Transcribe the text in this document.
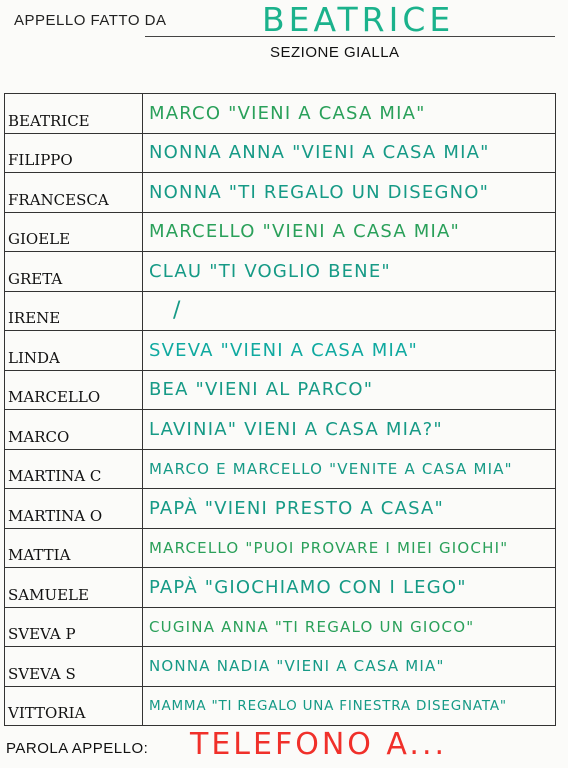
APPELLO FATTO DA	BEATRICE
SEZIONE GIALLA
BEATRICE	MARCO "VIENI A CASA MIA"

FILIPPO	NONNA ANNA "VIENI A CASA MIA"

FRANCESCA	NONNA "TI REGALO UN DISEGNO"

GIOELE	MARCELLO "VIENI A CASA MIA"

GRETA	CLAU "TI VOGLIO BENE"

IRENE	/

LINDA	SVEVA "VIENI A CASA MIA"

MARCELLO	BEA "VIENI AL PARCO"

MARCO	LAVINIA" VIENI A CASA MIA?"

MARTINA C	MARCO E MARCELLO "VENITE A CASA MIA"

MARTINA O	PAPÀ "VIENI PRESTO A CASA"

MATTIA	MARCELLO "PUOI PROVARE I MIEI GIOCHI"

SAMUELE	PAPÀ "GIOCHIAMO CON I LEGO"

SVEVA P	CUGINA ANNA "TI REGALO UN GIOCO"

SVEVA S	NONNA NADIA "VIENI A CASA MIA"

VITTORIA	MAMMA "TI REGALO UNA FINESTRA DISEGNATA"
PAROLA APPELLO: TELEFONO A...
